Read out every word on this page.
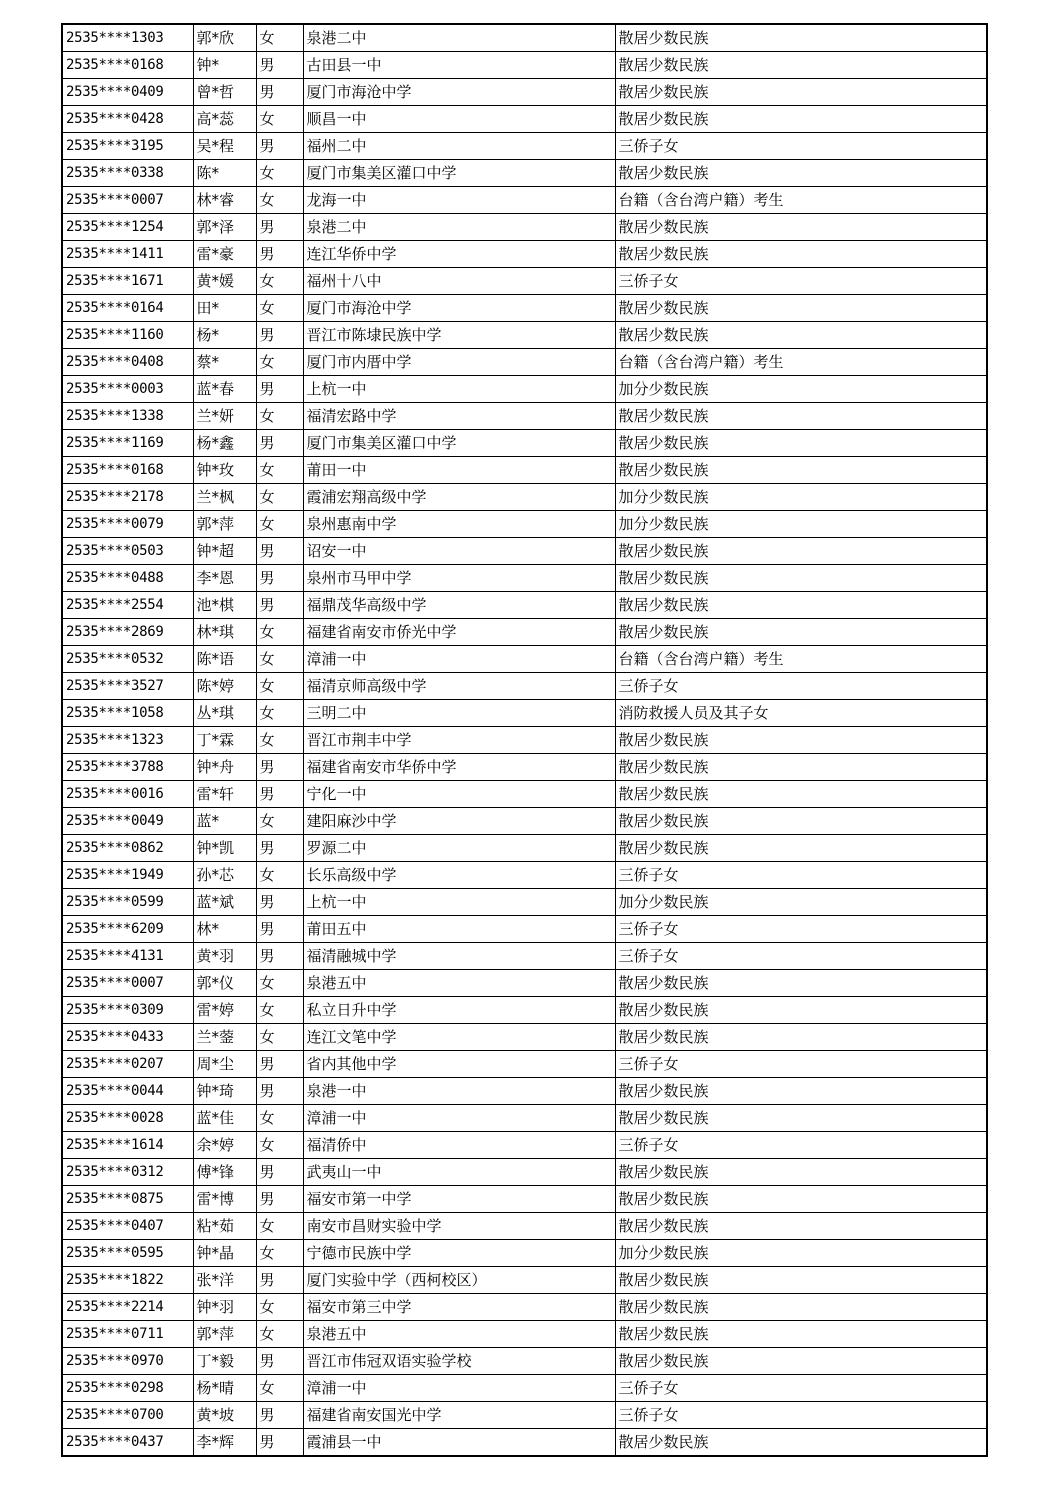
2535****1303	郭*欣	女	泉港二中	散居少数民族
2535****0168	钟*	男	古田县一中	散居少数民族
2535****0409	曾*哲	男	厦门市海沧中学	散居少数民族
2535****0428	高*蕊	女	顺昌一中	散居少数民族
2535****3195	吴*程	男	福州二中	三侨子女
2535****0338	陈*	女	厦门市集美区灌口中学	散居少数民族
2535****0007	林*睿	女	龙海一中	台籍（含台湾户籍）考生
2535****1254	郭*泽	男	泉港二中	散居少数民族
2535****1411	雷*豪	男	连江华侨中学	散居少数民族
2535****1671	黄*媛	女	福州十八中	三侨子女
2535****0164	田*	女	厦门市海沧中学	散居少数民族
2535****1160	杨*	男	晋江市陈埭民族中学	散居少数民族
2535****0408	蔡*	女	厦门市内厝中学	台籍（含台湾户籍）考生
2535****0003	蓝*春	男	上杭一中	加分少数民族
2535****1338	兰*妍	女	福清宏路中学	散居少数民族
2535****1169	杨*鑫	男	厦门市集美区灌口中学	散居少数民族
2535****0168	钟*玫	女	莆田一中	散居少数民族
2535****2178	兰*枫	女	霞浦宏翔高级中学	加分少数民族
2535****0079	郭*萍	女	泉州惠南中学	加分少数民族
2535****0503	钟*超	男	诏安一中	散居少数民族
2535****0488	李*恩	男	泉州市马甲中学	散居少数民族
2535****2554	池*棋	男	福鼎茂华高级中学	散居少数民族
2535****2869	林*琪	女	福建省南安市侨光中学	散居少数民族
2535****0532	陈*语	女	漳浦一中	台籍（含台湾户籍）考生
2535****3527	陈*婷	女	福清京师高级中学	三侨子女
2535****1058	丛*琪	女	三明二中	消防救援人员及其子女
2535****1323	丁*霖	女	晋江市荆丰中学	散居少数民族
2535****3788	钟*舟	男	福建省南安市华侨中学	散居少数民族
2535****0016	雷*轩	男	宁化一中	散居少数民族
2535****0049	蓝*	女	建阳麻沙中学	散居少数民族
2535****0862	钟*凯	男	罗源二中	散居少数民族
2535****1949	孙*芯	女	长乐高级中学	三侨子女
2535****0599	蓝*斌	男	上杭一中	加分少数民族
2535****6209	林*	男	莆田五中	三侨子女
2535****4131	黄*羽	男	福清融城中学	三侨子女
2535****0007	郭*仪	女	泉港五中	散居少数民族
2535****0309	雷*婷	女	私立日升中学	散居少数民族
2535****0433	兰*蓥	女	连江文笔中学	散居少数民族
2535****0207	周*尘	男	省内其他中学	三侨子女
2535****0044	钟*琦	男	泉港一中	散居少数民族
2535****0028	蓝*佳	女	漳浦一中	散居少数民族
2535****1614	余*婷	女	福清侨中	三侨子女
2535****0312	傅*锋	男	武夷山一中	散居少数民族
2535****0875	雷*博	男	福安市第一中学	散居少数民族
2535****0407	粘*茹	女	南安市昌财实验中学	散居少数民族
2535****0595	钟*晶	女	宁德市民族中学	加分少数民族
2535****1822	张*洋	男	厦门实验中学（西柯校区）	散居少数民族
2535****2214	钟*羽	女	福安市第三中学	散居少数民族
2535****0711	郭*萍	女	泉港五中	散居少数民族
2535****0970	丁*毅	男	晋江市伟冠双语实验学校	散居少数民族
2535****0298	杨*晴	女	漳浦一中	三侨子女
2535****0700	黄*坡	男	福建省南安国光中学	三侨子女
2535****0437	李*辉	男	霞浦县一中	散居少数民族
